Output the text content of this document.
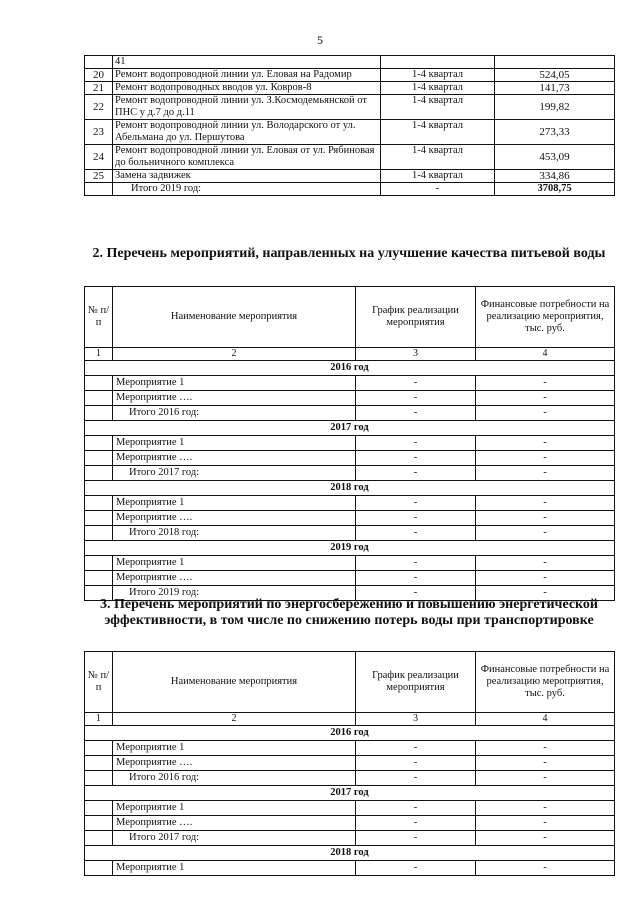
5
	41		
20	Ремонт водопроводной линии ул. Еловая на Радомир	1-4 квартал	524,05
21	Ремонт водопроводных вводов ул. Ковров-8	1-4 квартал	141,73
22	Ремонт водопроводной линии ул. З.Космодемьянской от ПНС у д.7 до д.11	1-4 квартал	199,82
23	Ремонт водопроводной линии ул. Володарского от ул. Абельмана до ул. Першутова	1-4 квартал	273,33
24	Ремонт водопроводной линии ул. Еловая от ул. Рябиновая до больничного комплекса	1-4 квартал	453,09
25	Замена задвижек	1-4 квартал	334,86
	Итого 2019 год:	-	3708,75
2. Перечень мероприятий, направленных на улучшение качества питьевой воды
№ п/п	Наименование мероприятия	График реализации мероприятия	Финансовые потребности на реализацию мероприятия, тыс. руб.
1	2	3	4
2016 год			
	Мероприятие 1	-	-
	Мероприятие ….	-	-
	Итого 2016 год:	-	-
2017 год			
	Мероприятие 1	-	-
	Мероприятие ….	-	-
	Итого 2017 год:	-	-
2018 год			
	Мероприятие 1	-	-
	Мероприятие ….	-	-
	Итого 2018 год:	-	-
2019 год			
	Мероприятие 1	-	-
	Мероприятие ….	-	-
	Итого 2019 год:	-	-
3. Перечень мероприятий по энергосбережению и повышению энергетической эффективности, в том числе по снижению потерь воды при транспортировке
№ п/п	Наименование мероприятия	График реализации мероприятия	Финансовые потребности на реализацию мероприятия, тыс. руб.
1	2	3	4
2016 год			
	Мероприятие 1	-	-
	Мероприятие ….	-	-
	Итого 2016 год:	-	-
2017 год			
	Мероприятие 1	-	-
	Мероприятие ….	-	-
	Итого 2017 год:	-	-
2018 год			
	Мероприятие 1	-	-
